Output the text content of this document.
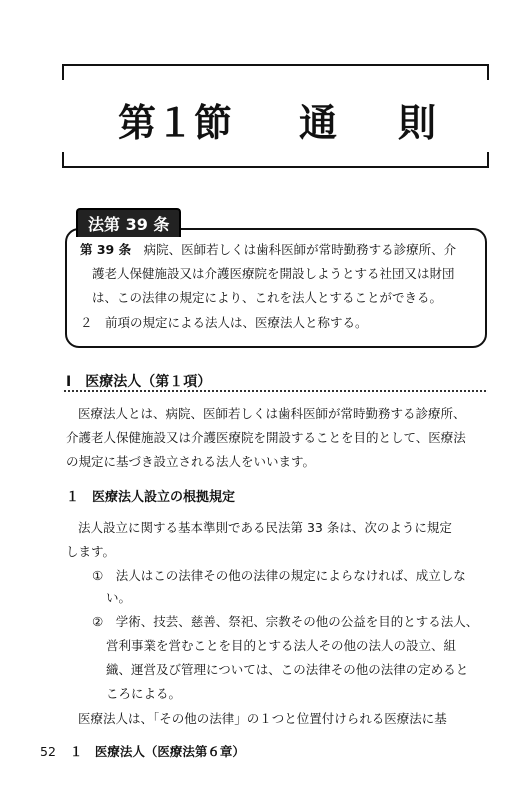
第１節 通 則
法第 39 条
第 39 条　 病院、医師若しくは歯科医師が常時勤務する診療所、介
護老人保健施設又は介護医療院を開設しようとする社団又は財団
は、この法律の規定により、これを法人とすることができる。
２　前項の規定による法人は、医療法人と称する。
Ⅰ　医療法人（第１項）
医療法人とは、病院、医師若しくは歯科医師が常時勤務する診療所、
介護老人保健施設又は介護医療院を開設することを目的として、医療法
の規定に基づき設立される法人をいいます。
１　医療法人設立の根拠規定
法人設立に関する基本準則である民法第 33 条は、次のように規定
します。
①　法人はこの法律その他の法律の規定によらなければ、成立しな
い。
②　学術、技芸、慈善、祭祀、宗教その他の公益を目的とする法人、
営利事業を営むことを目的とする法人その他の法人の設立、組
織、運営及び管理については、この法律その他の法律の定めると
ころによる。
医療法人は、「その他の法律」の１つと位置付けられる医療法に基
52 １　医療法人（医療法第６章）
